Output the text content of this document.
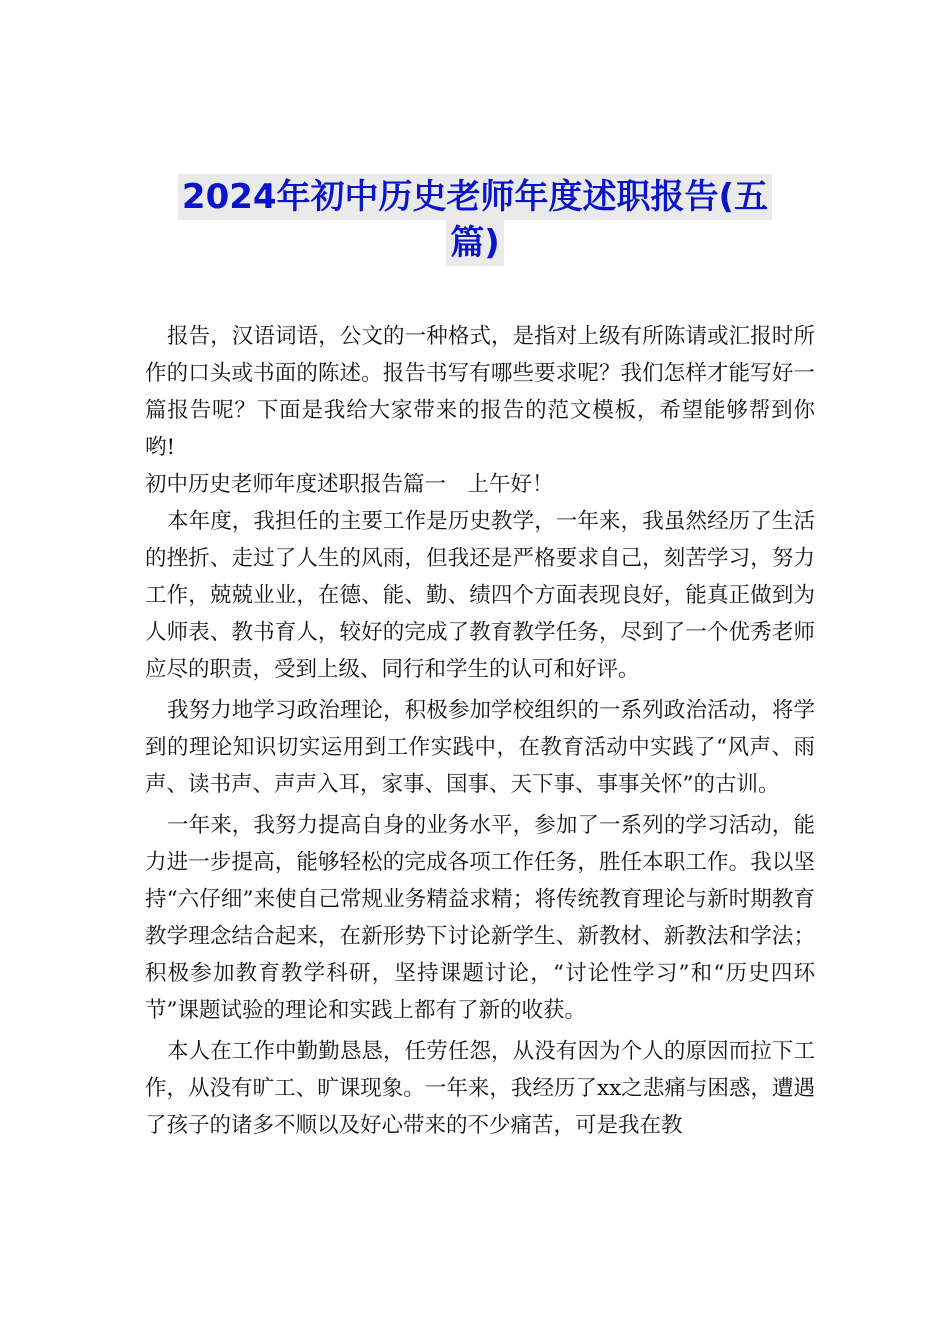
2024年初中历史老师年度述职报告(五
篇)

报告，汉语词语，公文的一种格式，是指对上级有所陈请或汇报时所作的口头或书面的陈述。报告书写有哪些要求呢？我们怎样才能写好一篇报告呢？下面是我给大家带来的报告的范文模板，希望能够帮到你哟!

初中历史老师年度述职报告篇一　上午好！

本年度，我担任的主要工作是历史教学，一年来，我虽然经历了生活的挫折、走过了人生的风雨，但我还是严格要求自己，刻苦学习，努力工作，兢兢业业，在德、能、勤、绩四个方面表现良好，能真正做到为人师表、教书育人，较好的完成了教育教学任务，尽到了一个优秀老师应尽的职责，受到上级、同行和学生的认可和好评。

我努力地学习政治理论，积极参加学校组织的一系列政治活动，将学到的理论知识切实运用到工作实践中，在教育活动中实践了“风声、雨声、读书声、声声入耳，家事、国事、天下事、事事关怀”的古训。

一年来，我努力提高自身的业务水平，参加了一系列的学习活动，能力进一步提高，能够轻松的完成各项工作任务，胜任本职工作。我以坚持“六仔细”来使自己常规业务精益求精；将传统教育理论与新时期教育教学理念结合起来，在新形势下讨论新学生、新教材、新教法和学法；积极参加教育教学科研，坚持课题讨论，“讨论性学习”和“历史四环节”课题试验的理论和实践上都有了新的收获。

本人在工作中勤勤恳恳，任劳任怨，从没有因为个人的原因而拉下工作，从没有旷工、旷课现象。一年来，我经历了xx之悲痛与困惑，遭遇了孩子的诸多不顺以及好心带来的不少痛苦，可是我在教
